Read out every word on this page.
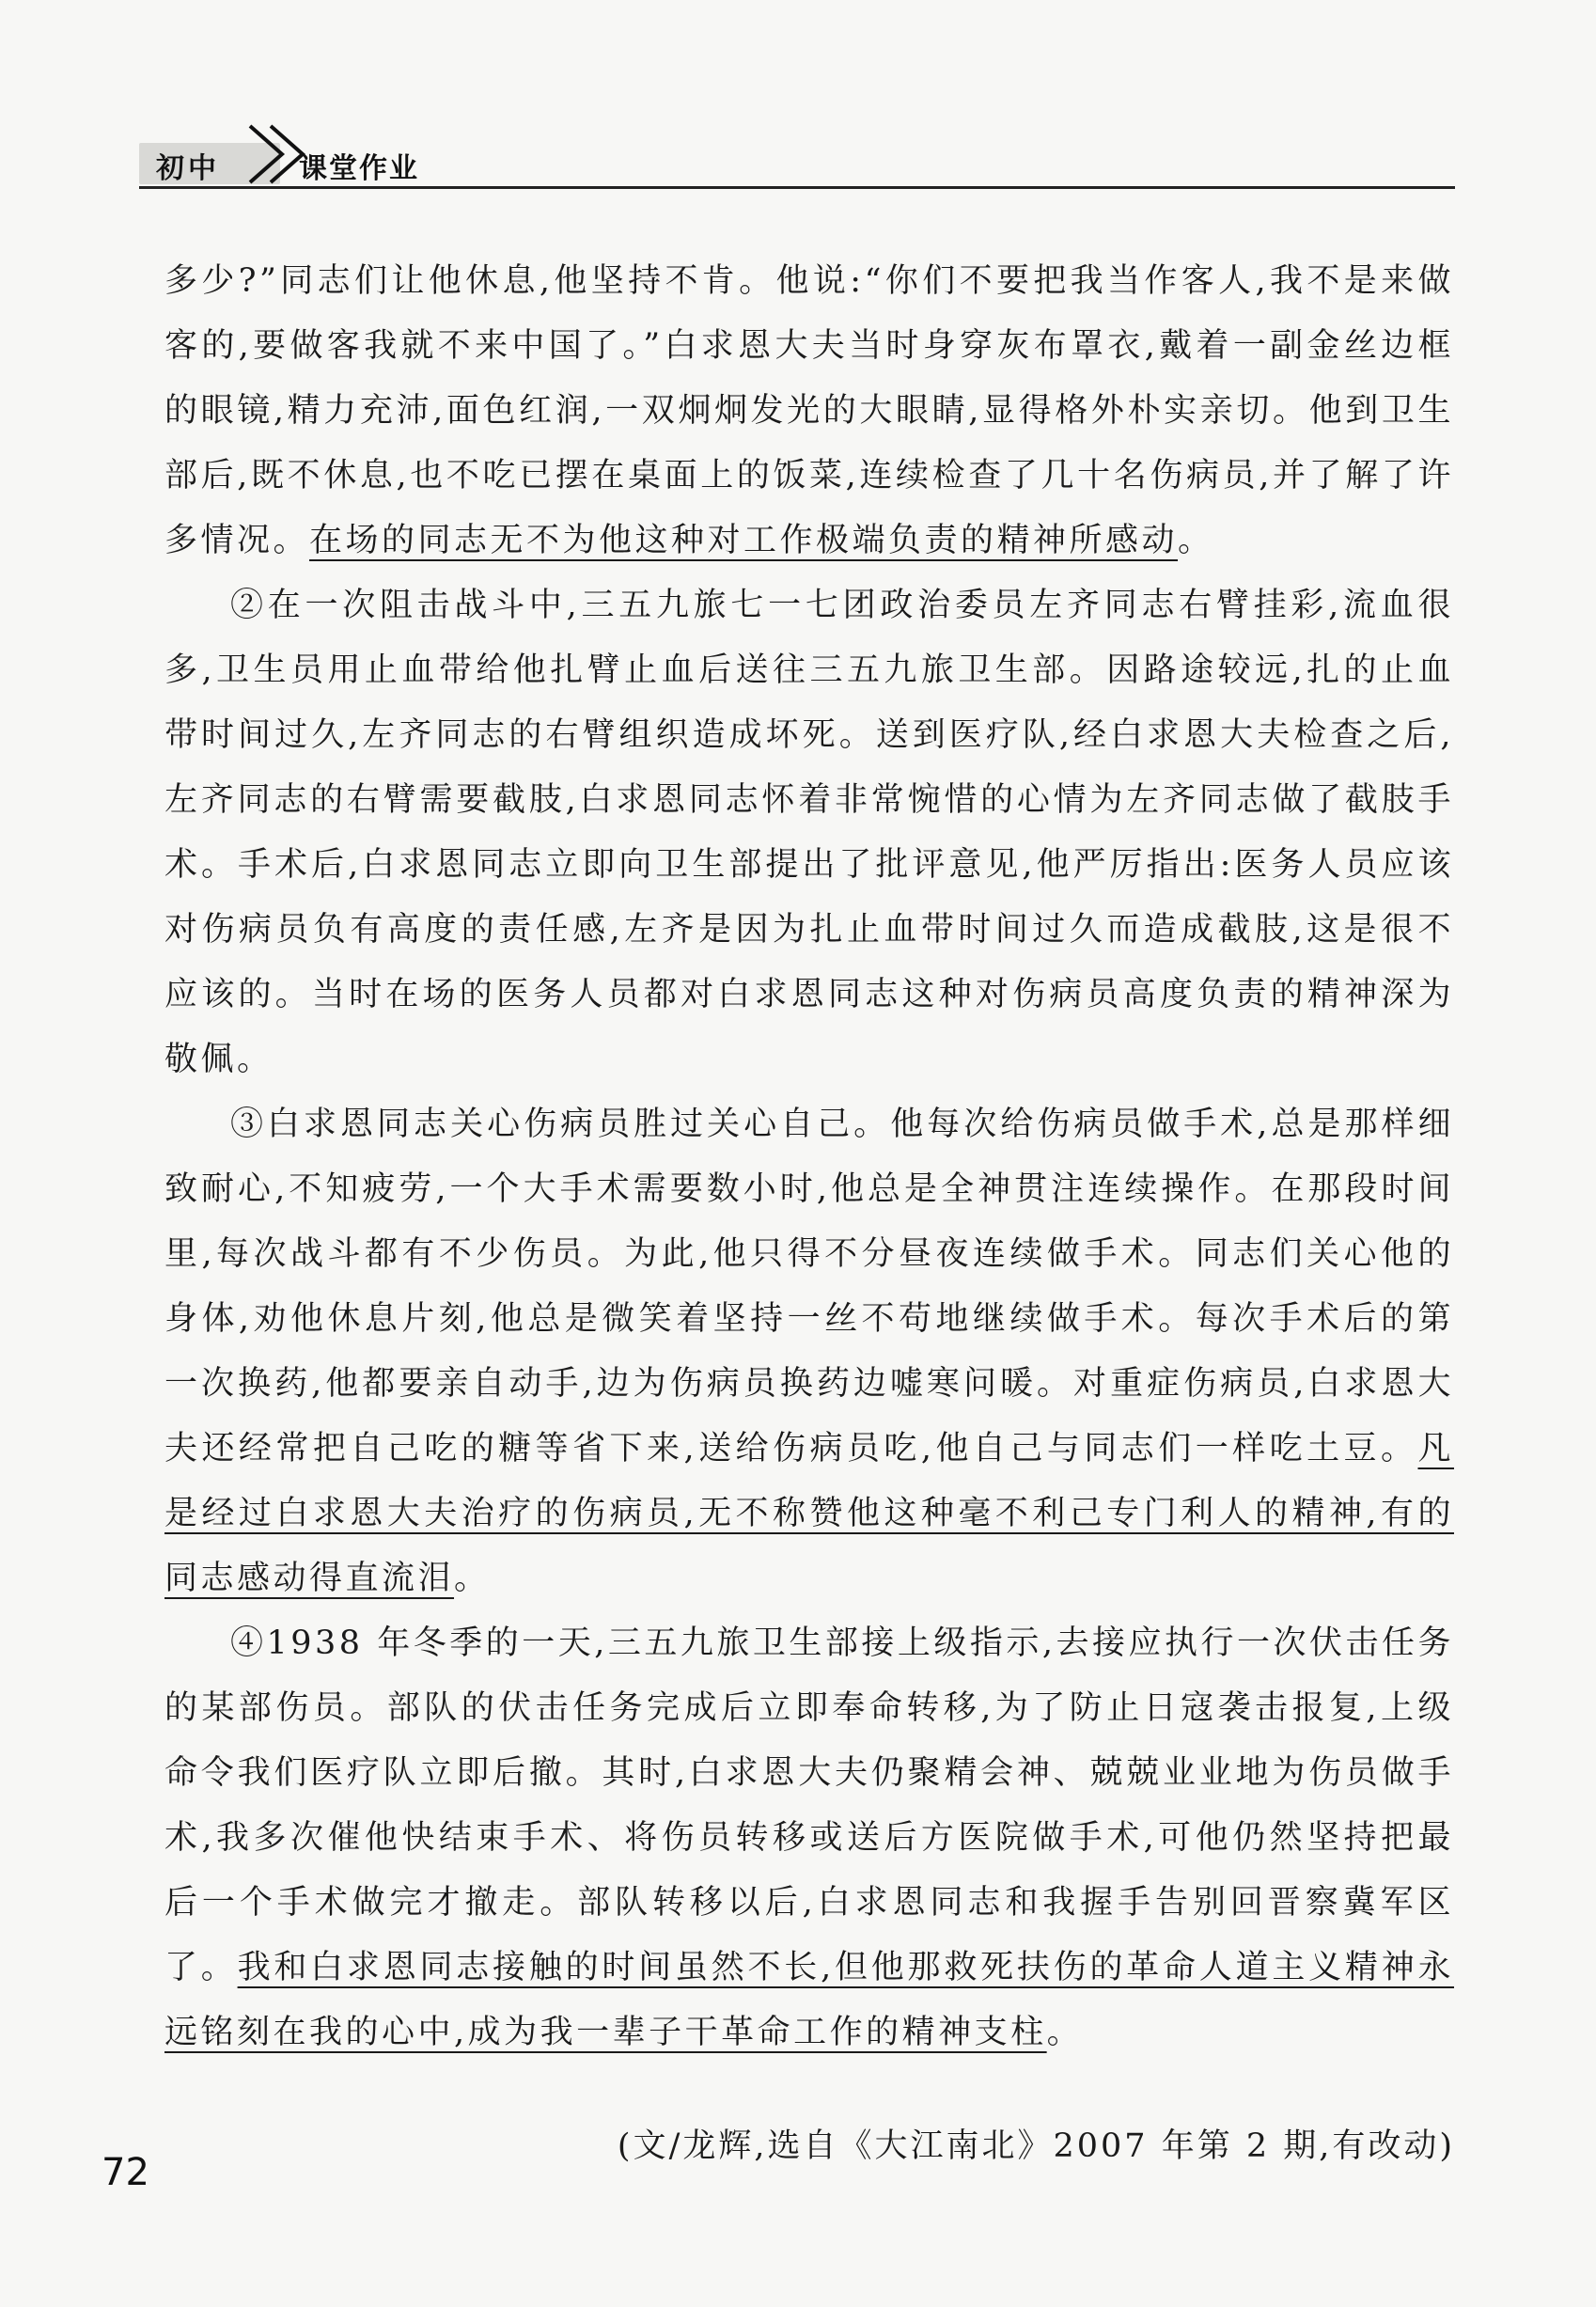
初中	课堂作业

多少?”同志们让他休息,他坚持不肯。他说:“你们不要把我当作客人,我不是来做客的,要做客我就不来中国了。”白求恩大夫当时身穿灰布罩衣,戴着一副金丝边框的眼镜,精力充沛,面色红润,一双炯炯发光的大眼睛,显得格外朴实亲切。他到卫生部后,既不休息,也不吃已摆在桌面上的饭菜,连续检查了几十名伤病员,并了解了许多情况。在场的同志无不为他这种对工作极端负责的精神所感动。

②在一次阻击战斗中,三五九旅七一七团政治委员左齐同志右臂挂彩,流血很多,卫生员用止血带给他扎臂止血后送往三五九旅卫生部。因路途较远,扎的止血带时间过久,左齐同志的右臂组织造成坏死。送到医疗队,经白求恩大夫检查之后,左齐同志的右臂需要截肢,白求恩同志怀着非常惋惜的心情为左齐同志做了截肢手术。手术后,白求恩同志立即向卫生部提出了批评意见,他严厉指出:医务人员应该对伤病员负有高度的责任感,左齐是因为扎止血带时间过久而造成截肢,这是很不应该的。当时在场的医务人员都对白求恩同志这种对伤病员高度负责的精神深为敬佩。

③白求恩同志关心伤病员胜过关心自己。他每次给伤病员做手术,总是那样细致耐心,不知疲劳,一个大手术需要数小时,他总是全神贯注连续操作。在那段时间里,每次战斗都有不少伤员。为此,他只得不分昼夜连续做手术。同志们关心他的身体,劝他休息片刻,他总是微笑着坚持一丝不苟地继续做手术。每次手术后的第一次换药,他都要亲自动手,边为伤病员换药边嘘寒问暖。对重症伤病员,白求恩大夫还经常把自己吃的糖等省下来,送给伤病员吃,他自己与同志们一样吃土豆。凡是经过白求恩大夫治疗的伤病员,无不称赞他这种毫不利己专门利人的精神,有的同志感动得直流泪。

④1938 年冬季的一天,三五九旅卫生部接上级指示,去接应执行一次伏击任务的某部伤员。部队的伏击任务完成后立即奉命转移,为了防止日寇袭击报复,上级命令我们医疗队立即后撤。其时,白求恩大夫仍聚精会神、兢兢业业地为伤员做手术,我多次催他快结束手术、将伤员转移或送后方医院做手术,可他仍然坚持把最后一个手术做完才撤走。部队转移以后,白求恩同志和我握手告别回晋察冀军区了。我和白求恩同志接触的时间虽然不长,但他那救死扶伤的革命人道主义精神永远铭刻在我的心中,成为我一辈子干革命工作的精神支柱。

(文/龙辉,选自《大江南北》2007 年第 2 期,有改动)
72
